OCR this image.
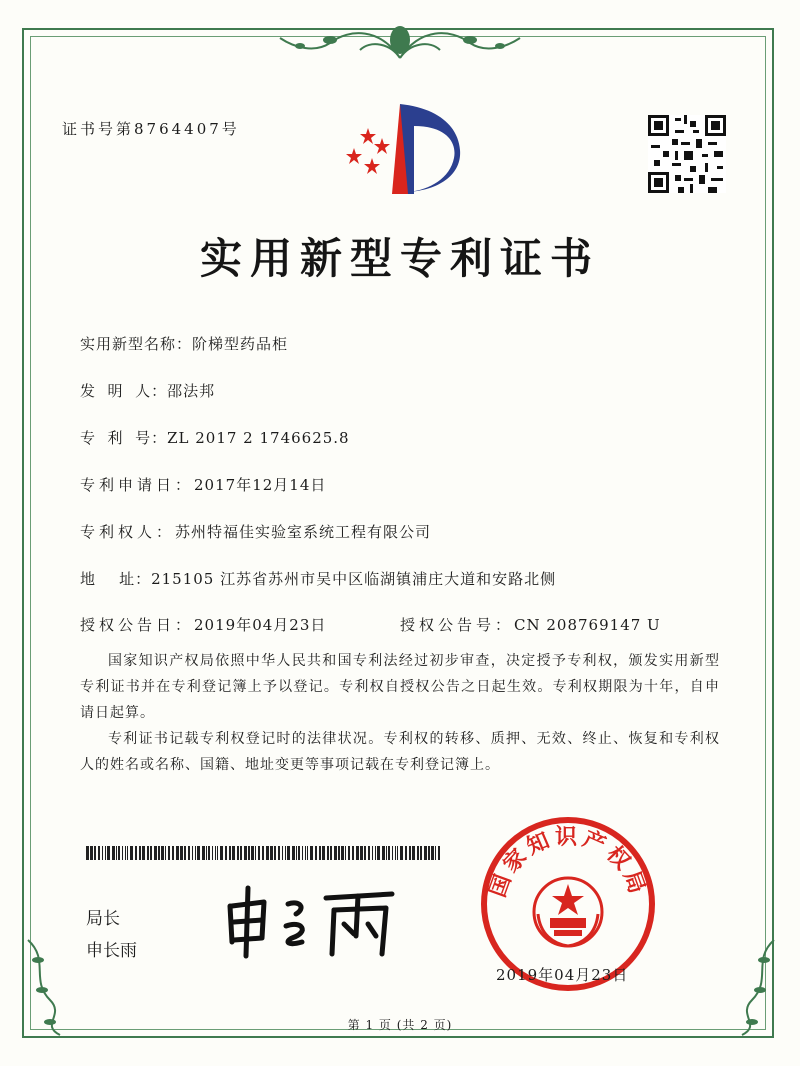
证书号第8764407号
实用新型专利证书
实用新型名称：阶梯型药品柜
发  明  人：邵法邦
专  利  号：ZL 2017 2 1746625.8
专利申请日：2017年12月14日
专利权人：苏州特福佳实验室系统工程有限公司
地    址：215105 江苏省苏州市吴中区临湖镇浦庄大道和安路北侧
授权公告日：2019年04月23日	授权公告号：CN 208769147 U
国家知识产权局依照中华人民共和国专利法经过初步审查，决定授予专利权，颁发实用新型专利证书并在专利登记簿上予以登记。专利权自授权公告之日起生效。专利权期限为十年，自申请日起算。
专利证书记载专利权登记时的法律状况。专利权的转移、质押、无效、终止、恢复和专利权人的姓名或名称、国籍、地址变更等事项记载在专利登记簿上。
局长
申长雨
国家知识产权局
2019年04月23日
第 1 页 (共 2 页)
